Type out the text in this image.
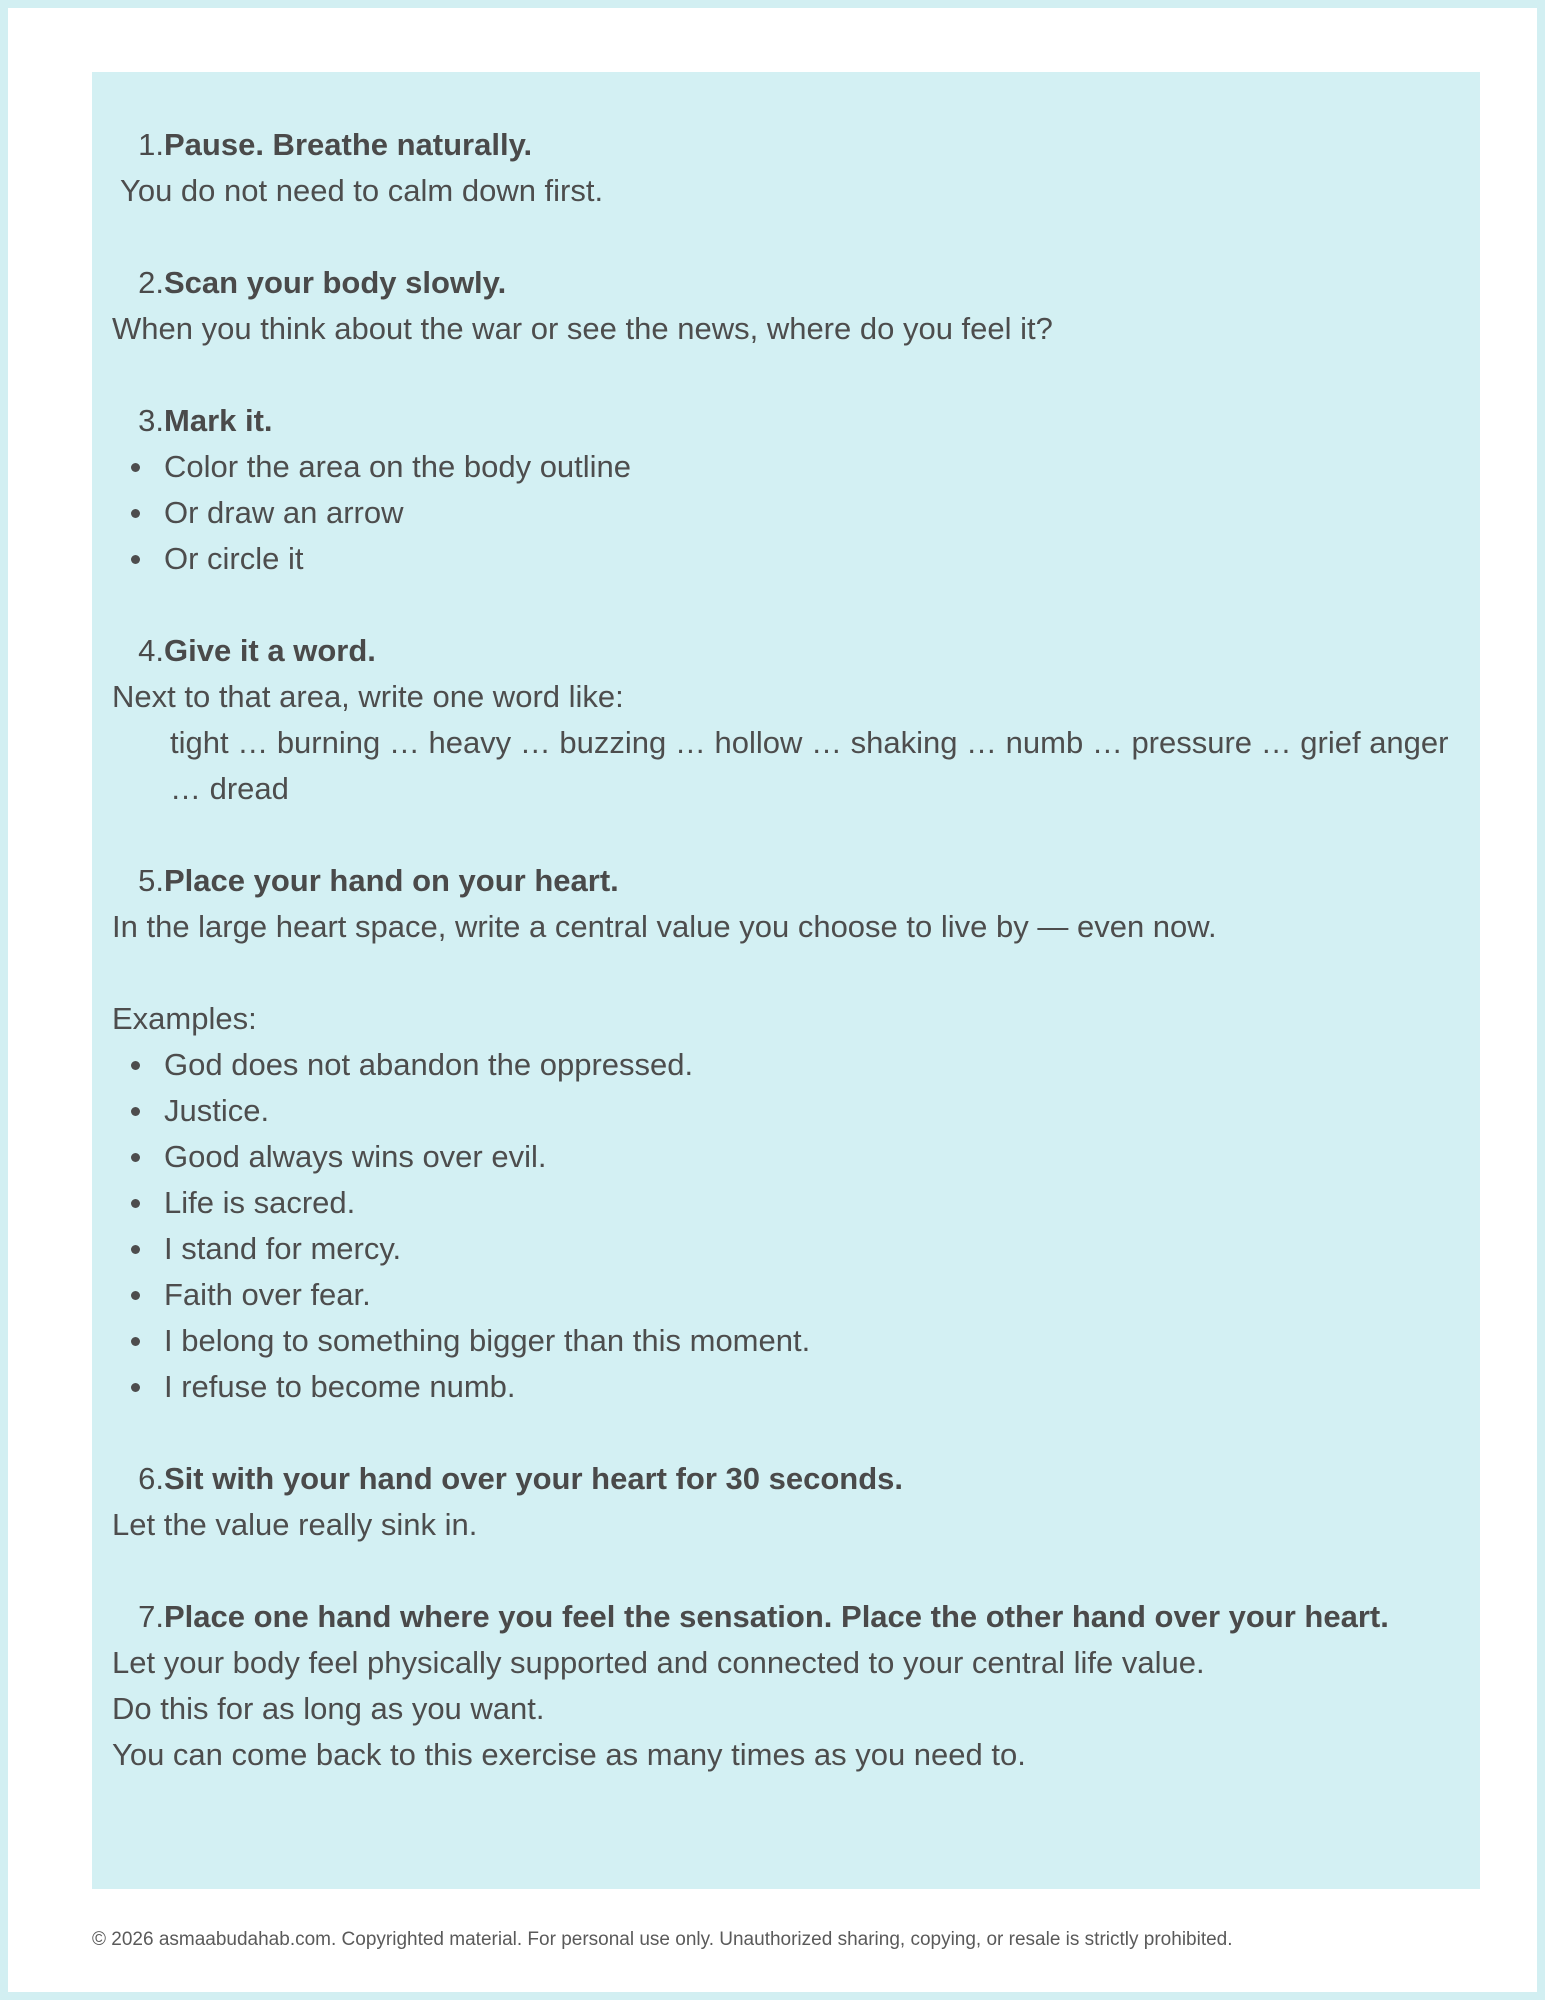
1. Pause. Breathe naturally.
You do not need to calm down first.
2. Scan your body slowly.
When you think about the war or see the news, where do you feel it?
3. Mark it.
Color the area on the body outline
Or draw an arrow
Or circle it
4. Give it a word.
Next to that area, write one word like:
tight … burning … heavy … buzzing … hollow … shaking … numb … pressure … grief anger … dread
5. Place your hand on your heart.
In the large heart space, write a central value you choose to live by — even now.
Examples:
God does not abandon the oppressed.
Justice.
Good always wins over evil.
Life is sacred.
I stand for mercy.
Faith over fear.
I belong to something bigger than this moment.
I refuse to become numb.
6. Sit with your hand over your heart for 30 seconds.
Let the value really sink in.
7. Place one hand where you feel the sensation. Place the other hand over your heart.
Let your body feel physically supported and connected to your central life value.
Do this for as long as you want.
You can come back to this exercise as many times as you need to.
© 2026 asmaabudahab.com. Copyrighted material. For personal use only. Unauthorized sharing, copying, or resale is strictly prohibited.
